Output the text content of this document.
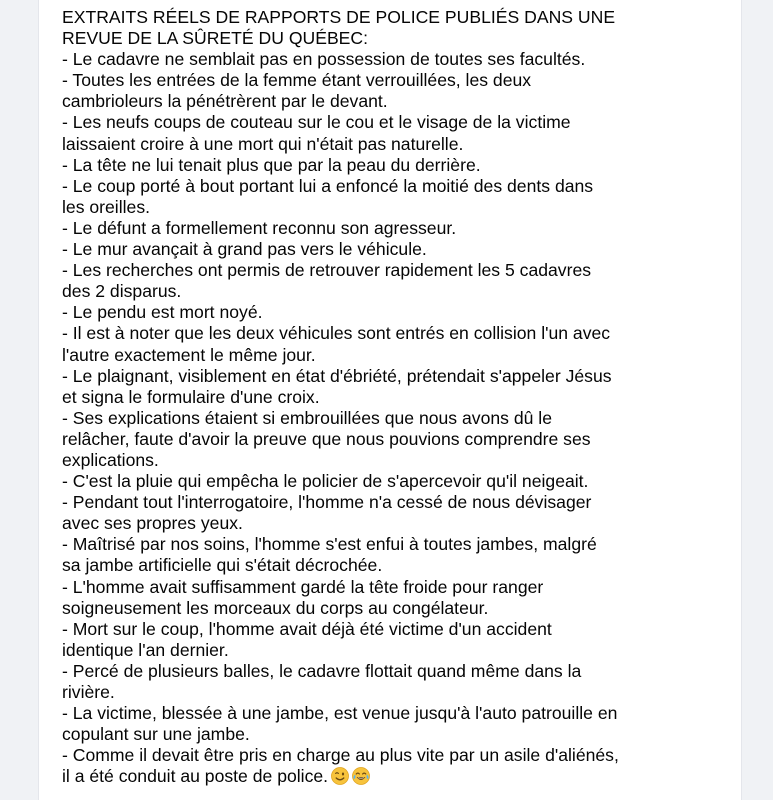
EXTRAITS RÉELS DE RAPPORTS DE POLICE PUBLIÉS DANS UNE

REVUE DE LA SÛRETÉ DU QUÉBEC:

- Le cadavre ne semblait pas en possession de toutes ses facultés.

- Toutes les entrées de la femme étant verrouillées, les deux

cambrioleurs la pénétrèrent par le devant.

- Les neufs coups de couteau sur le cou et le visage de la victime

laissaient croire à une mort qui n'était pas naturelle.

- La tête ne lui tenait plus que par la peau du derrière.

- Le coup porté à bout portant lui a enfoncé la moitié des dents dans

les oreilles.

- Le défunt a formellement reconnu son agresseur.

- Le mur avançait à grand pas vers le véhicule.

- Les recherches ont permis de retrouver rapidement les 5 cadavres

des 2 disparus.

- Le pendu est mort noyé.

- Il est à noter que les deux véhicules sont entrés en collision l'un avec

l'autre exactement le même jour.

- Le plaignant, visiblement en état d'ébriété, prétendait s'appeler Jésus

et signa le formulaire d'une croix.

- Ses explications étaient si embrouillées que nous avons dû le

relâcher, faute d'avoir la preuve que nous pouvions comprendre ses

explications.

- C'est la pluie qui empêcha le policier de s'apercevoir qu'il neigeait.

- Pendant tout l'interrogatoire, l'homme n'a cessé de nous dévisager

avec ses propres yeux.

- Maîtrisé par nos soins, l'homme s'est enfui à toutes jambes, malgré

sa jambe artificielle qui s'était décrochée.

- L'homme avait suffisamment gardé la tête froide pour ranger

soigneusement les morceaux du corps au congélateur.

- Mort sur le coup, l'homme avait déjà été victime d'un accident

identique l'an dernier.

- Percé de plusieurs balles, le cadavre flottait quand même dans la

rivière.

- La victime, blessée à une jambe, est venue jusqu'à l'auto patrouille en

copulant sur une jambe.

- Comme il devait être pris en charge au plus vite par un asile d'aliénés,

il a été conduit au poste de police.
